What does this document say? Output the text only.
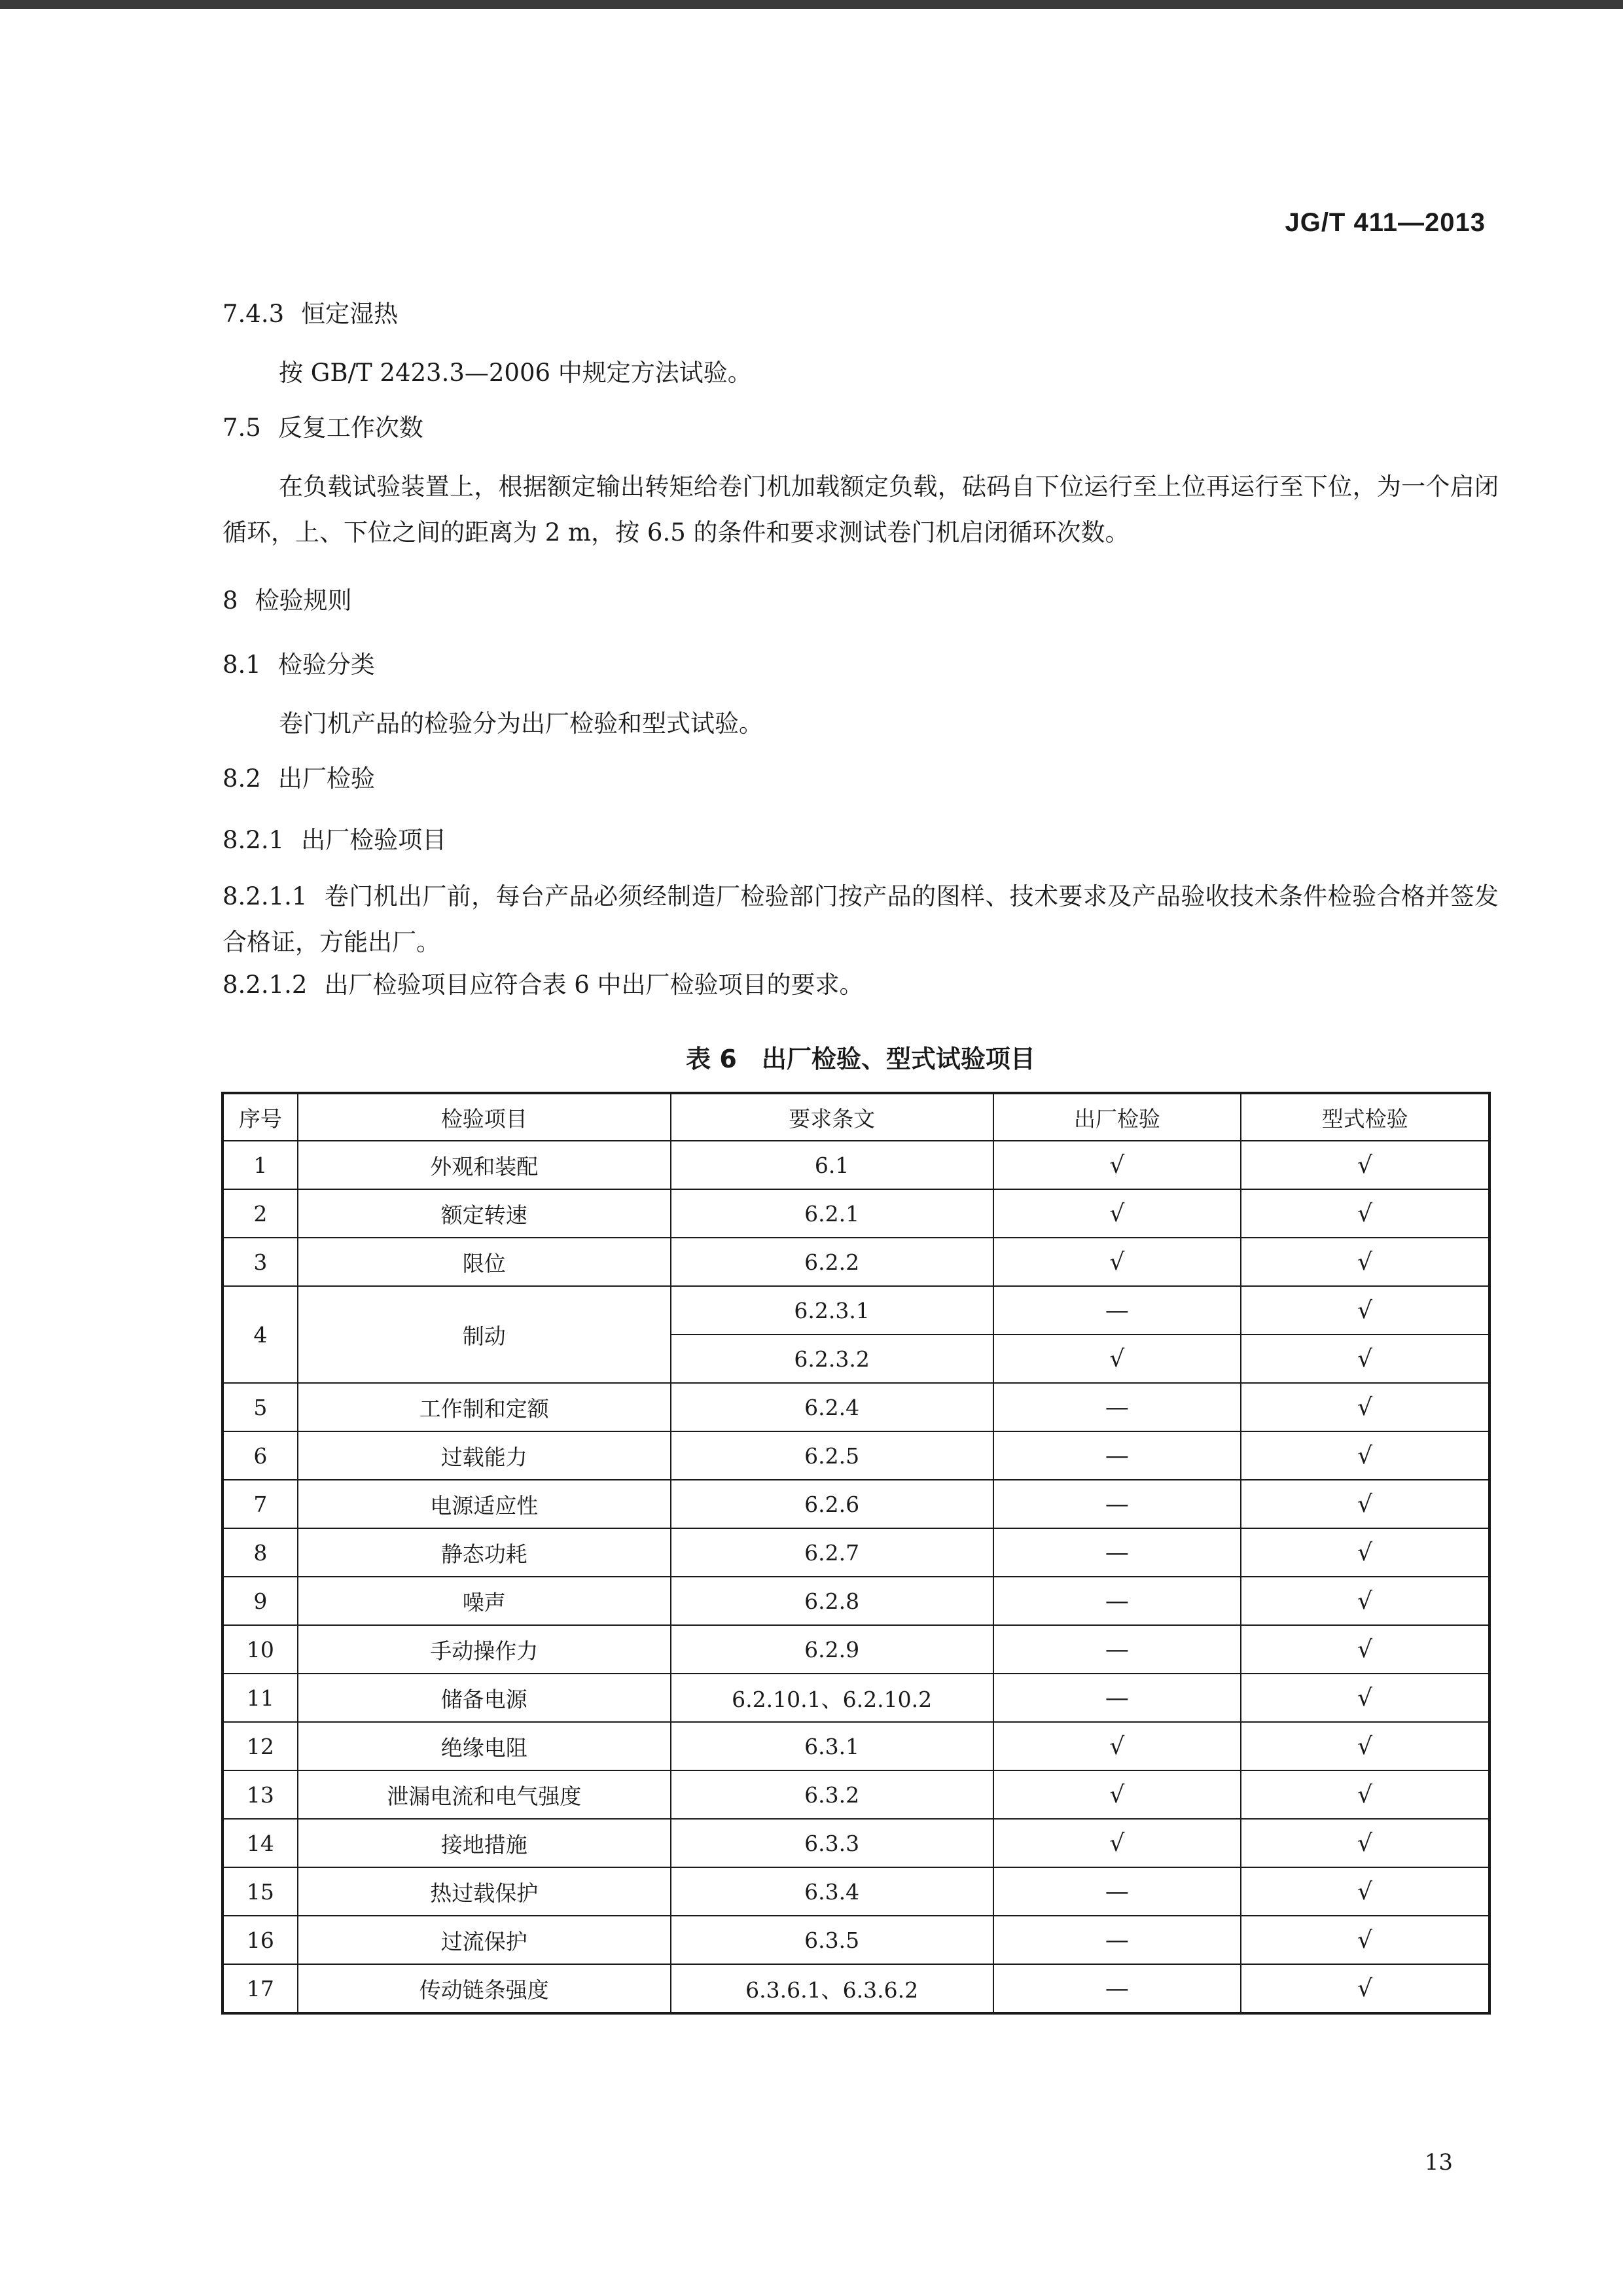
JG/T 411—2013

7.4.3 恒定湿热

按 GB/T 2423.3—2006 中规定方法试验。

7.5 反复工作次数

在负载试验装置上，根据额定输出转矩给卷门机加载额定负载，砝码自下位运行至上位再运行至下位，为一个启闭循环，上、下位之间的距离为 2 m，按 6.5 的条件和要求测试卷门机启闭循环次数。

8 检验规则

8.1 检验分类

卷门机产品的检验分为出厂检验和型式试验。

8.2 出厂检验

8.2.1 出厂检验项目

8.2.1.1 卷门机出厂前，每台产品必须经制造厂检验部门按产品的图样、技术要求及产品验收技术条件检验合格并签发合格证，方能出厂。

8.2.1.2 出厂检验项目应符合表 6 中出厂检验项目的要求。

表 6　出厂检验、型式试验项目
序号	检验项目	要求条文	出厂检验	型式检验
1	外观和装配	6.1	√	√
2	额定转速	6.2.1	√	√
3	限位	6.2.2	√	√
4	制动	6.2.3.1	—	√
		6.2.3.2	√	√
5	工作制和定额	6.2.4	—	√
6	过载能力	6.2.5	—	√
7	电源适应性	6.2.6	—	√
8	静态功耗	6.2.7	—	√
9	噪声	6.2.8	—	√
10	手动操作力	6.2.9	—	√
11	储备电源	6.2.10.1、6.2.10.2	—	√
12	绝缘电阻	6.3.1	√	√
13	泄漏电流和电气强度	6.3.2	√	√
14	接地措施	6.3.3	√	√
15	热过载保护	6.3.4	—	√
16	过流保护	6.3.5	—	√
17	传动链条强度	6.3.6.1、6.3.6.2	—	√
13
